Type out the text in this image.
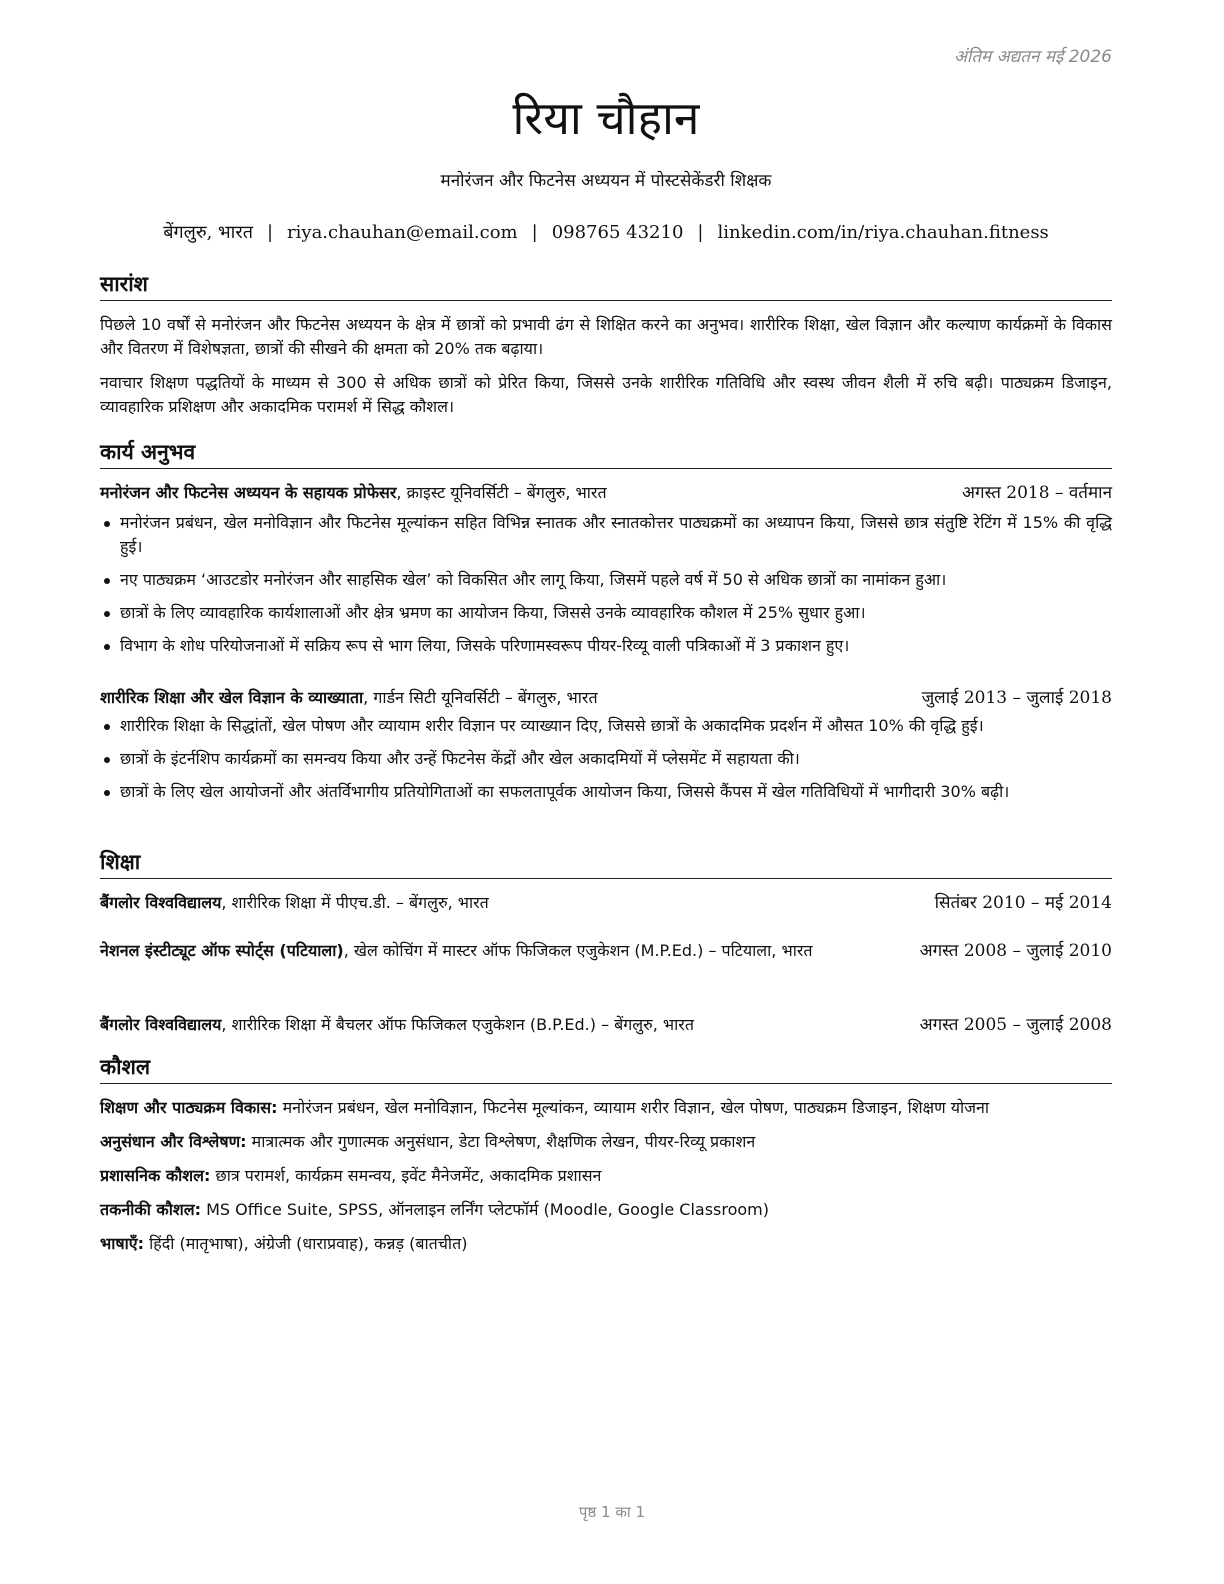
अंतिम अद्यतन मई 2026
रिया चौहान
मनोरंजन और फिटनेस अध्ययन में पोस्टसेकेंडरी शिक्षक
बेंगलुरु, भारत | riya.chauhan@email.com | 098765 43210 | linkedin.com/in/riya.chauhan.fitness
सारांश

पिछले 10 वर्षों से मनोरंजन और फिटनेस अध्ययन के क्षेत्र में छात्रों को प्रभावी ढंग से शिक्षित करने का अनुभव। शारीरिक शिक्षा, खेल विज्ञान और कल्याण कार्यक्रमों के विकास और वितरण में विशेषज्ञता, छात्रों की सीखने की क्षमता को 20% तक बढ़ाया।

नवाचार शिक्षण पद्धतियों के माध्यम से 300 से अधिक छात्रों को प्रेरित किया, जिससे उनके शारीरिक गतिविधि और स्वस्थ जीवन शैली में रुचि बढ़ी। पाठ्यक्रम डिजाइन, व्यावहारिक प्रशिक्षण और अकादमिक परामर्श में सिद्ध कौशल।

कार्य अनुभव
मनोरंजन और फिटनेस अध्ययन के सहायक प्रोफेसर, क्राइस्ट यूनिवर्सिटी – बेंगलुरु, भारत	अगस्त 2018 – वर्तमान
मनोरंजन प्रबंधन, खेल मनोविज्ञान और फिटनेस मूल्यांकन सहित विभिन्न स्नातक और स्नातकोत्तर पाठ्यक्रमों का अध्यापन किया, जिससे छात्र संतुष्टि रेटिंग में 15% की वृद्धि हुई।
नए पाठ्यक्रम ‘आउटडोर मनोरंजन और साहसिक खेल’ को विकसित और लागू किया, जिसमें पहले वर्ष में 50 से अधिक छात्रों का नामांकन हुआ।
छात्रों के लिए व्यावहारिक कार्यशालाओं और क्षेत्र भ्रमण का आयोजन किया, जिससे उनके व्यावहारिक कौशल में 25% सुधार हुआ।
विभाग के शोध परियोजनाओं में सक्रिय रूप से भाग लिया, जिसके परिणामस्वरूप पीयर-रिव्यू वाली पत्रिकाओं में 3 प्रकाशन हुए।
शारीरिक शिक्षा और खेल विज्ञान के व्याख्याता, गार्डन सिटी यूनिवर्सिटी – बेंगलुरु, भारत	जुलाई 2013 – जुलाई 2018
शारीरिक शिक्षा के सिद्धांतों, खेल पोषण और व्यायाम शरीर विज्ञान पर व्याख्यान दिए, जिससे छात्रों के अकादमिक प्रदर्शन में औसत 10% की वृद्धि हुई।
छात्रों के इंटर्नशिप कार्यक्रमों का समन्वय किया और उन्हें फिटनेस केंद्रों और खेल अकादमियों में प्लेसमेंट में सहायता की।
छात्रों के लिए खेल आयोजनों और अंतर्विभागीय प्रतियोगिताओं का सफलतापूर्वक आयोजन किया, जिससे कैंपस में खेल गतिविधियों में भागीदारी 30% बढ़ी।
शिक्षा
बैंगलोर विश्वविद्यालय, शारीरिक शिक्षा में पीएच.डी. – बेंगलुरु, भारत	सितंबर 2010 – मई 2014
नेशनल इंस्टीट्यूट ऑफ स्पोर्ट्स (पटियाला), खेल कोचिंग में मास्टर ऑफ फिजिकल एजुकेशन (M.P.Ed.) – पटियाला, भारत	अगस्त 2008 – जुलाई 2010
बैंगलोर विश्वविद्यालय, शारीरिक शिक्षा में बैचलर ऑफ फिजिकल एजुकेशन (B.P.Ed.) – बेंगलुरु, भारत	अगस्त 2005 – जुलाई 2008
कौशल
शिक्षण और पाठ्यक्रम विकास: मनोरंजन प्रबंधन, खेल मनोविज्ञान, फिटनेस मूल्यांकन, व्यायाम शरीर विज्ञान, खेल पोषण, पाठ्यक्रम डिजाइन, शिक्षण योजना
अनुसंधान और विश्लेषण: मात्रात्मक और गुणात्मक अनुसंधान, डेटा विश्लेषण, शैक्षणिक लेखन, पीयर-रिव्यू प्रकाशन
प्रशासनिक कौशल: छात्र परामर्श, कार्यक्रम समन्वय, इवेंट मैनेजमेंट, अकादमिक प्रशासन
तकनीकी कौशल: MS Office Suite, SPSS, ऑनलाइन लर्निंग प्लेटफॉर्म (Moodle, Google Classroom)
भाषाएँ: हिंदी (मातृभाषा), अंग्रेजी (धाराप्रवाह), कन्नड़ (बातचीत)
पृष्ठ 1 का 1
